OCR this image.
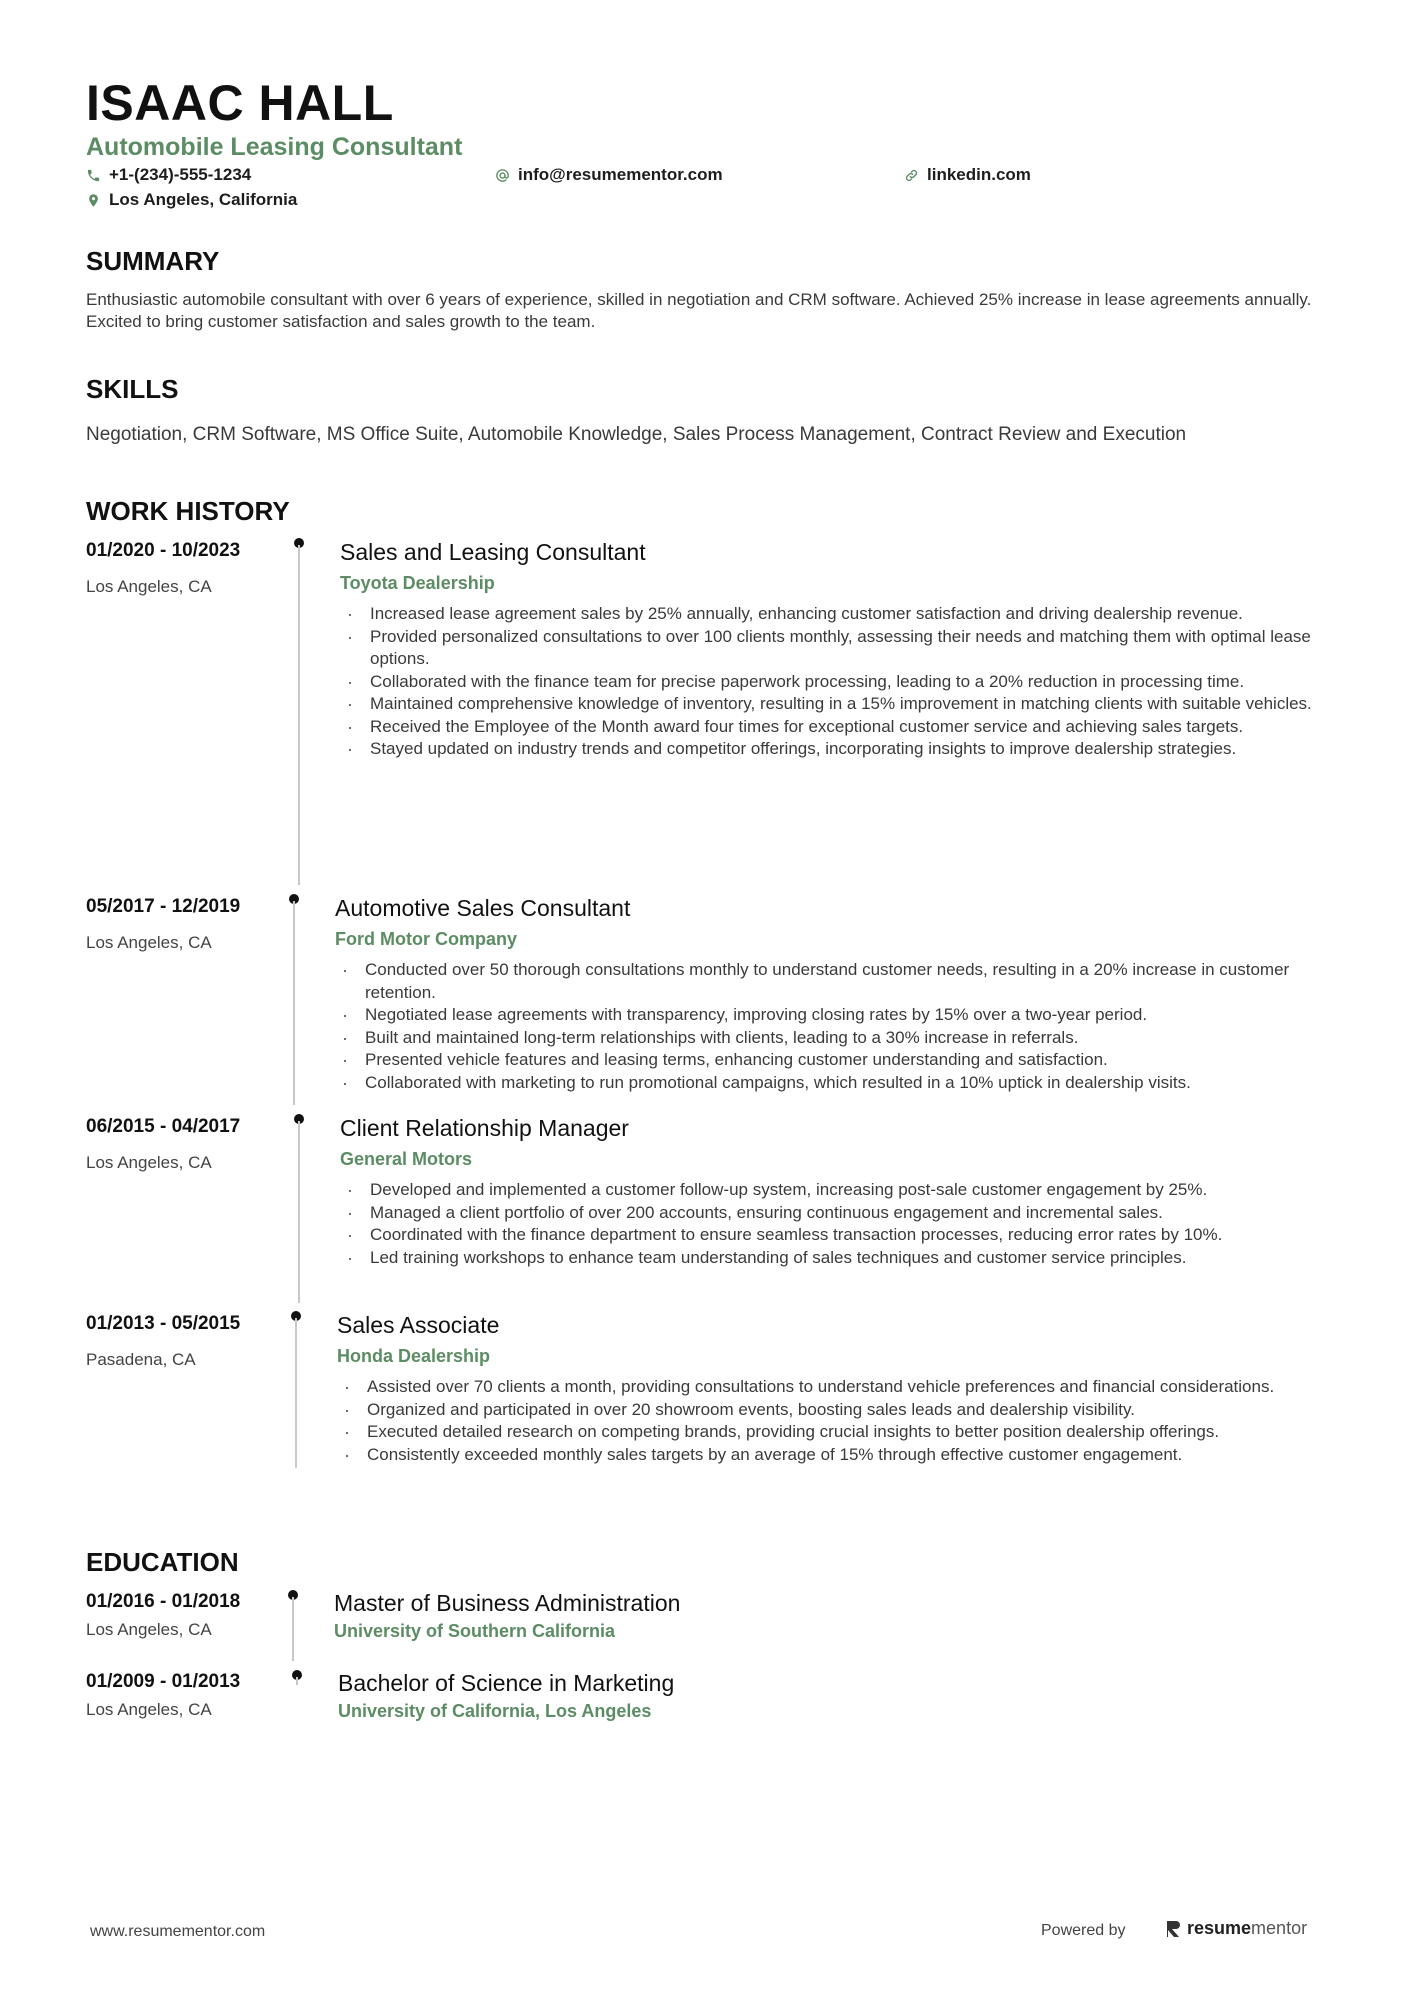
ISAAC HALL
Automobile Leasing Consultant
+1-(234)-555-1234	info@resumementor.com	linkedin.com
Los Angeles, California
SUMMARY
Enthusiastic automobile consultant with over 6 years of experience, skilled in negotiation and CRM software. Achieved 25% increase in lease agreements annually. Excited to bring customer satisfaction and sales growth to the team.
SKILLS
Negotiation, CRM Software, MS Office Suite, Automobile Knowledge, Sales Process Management, Contract Review and Execution
WORK HISTORY
01/2020 - 10/2023
Los Angeles, CA
Sales and Leasing Consultant
Toyota Dealership
· Increased lease agreement sales by 25% annually, enhancing customer satisfaction and driving dealership revenue.
· Provided personalized consultations to over 100 clients monthly, assessing their needs and matching them with optimal lease options.
· Collaborated with the finance team for precise paperwork processing, leading to a 20% reduction in processing time.
· Maintained comprehensive knowledge of inventory, resulting in a 15% improvement in matching clients with suitable vehicles.
· Received the Employee of the Month award four times for exceptional customer service and achieving sales targets.
· Stayed updated on industry trends and competitor offerings, incorporating insights to improve dealership strategies.
05/2017 - 12/2019
Los Angeles, CA
Automotive Sales Consultant
Ford Motor Company
· Conducted over 50 thorough consultations monthly to understand customer needs, resulting in a 20% increase in customer retention.
· Negotiated lease agreements with transparency, improving closing rates by 15% over a two-year period.
· Built and maintained long-term relationships with clients, leading to a 30% increase in referrals.
· Presented vehicle features and leasing terms, enhancing customer understanding and satisfaction.
· Collaborated with marketing to run promotional campaigns, which resulted in a 10% uptick in dealership visits.
06/2015 - 04/2017
Los Angeles, CA
Client Relationship Manager
General Motors
· Developed and implemented a customer follow-up system, increasing post-sale customer engagement by 25%.
· Managed a client portfolio of over 200 accounts, ensuring continuous engagement and incremental sales.
· Coordinated with the finance department to ensure seamless transaction processes, reducing error rates by 10%.
· Led training workshops to enhance team understanding of sales techniques and customer service principles.
01/2013 - 05/2015
Pasadena, CA
Sales Associate
Honda Dealership
· Assisted over 70 clients a month, providing consultations to understand vehicle preferences and financial considerations.
· Organized and participated in over 20 showroom events, boosting sales leads and dealership visibility.
· Executed detailed research on competing brands, providing crucial insights to better position dealership offerings.
· Consistently exceeded monthly sales targets by an average of 15% through effective customer engagement.
EDUCATION
01/2016 - 01/2018
Los Angeles, CA
Master of Business Administration
University of Southern California
01/2009 - 01/2013
Los Angeles, CA
Bachelor of Science in Marketing
University of California, Los Angeles
www.resumementor.com	Powered by	resumementor
